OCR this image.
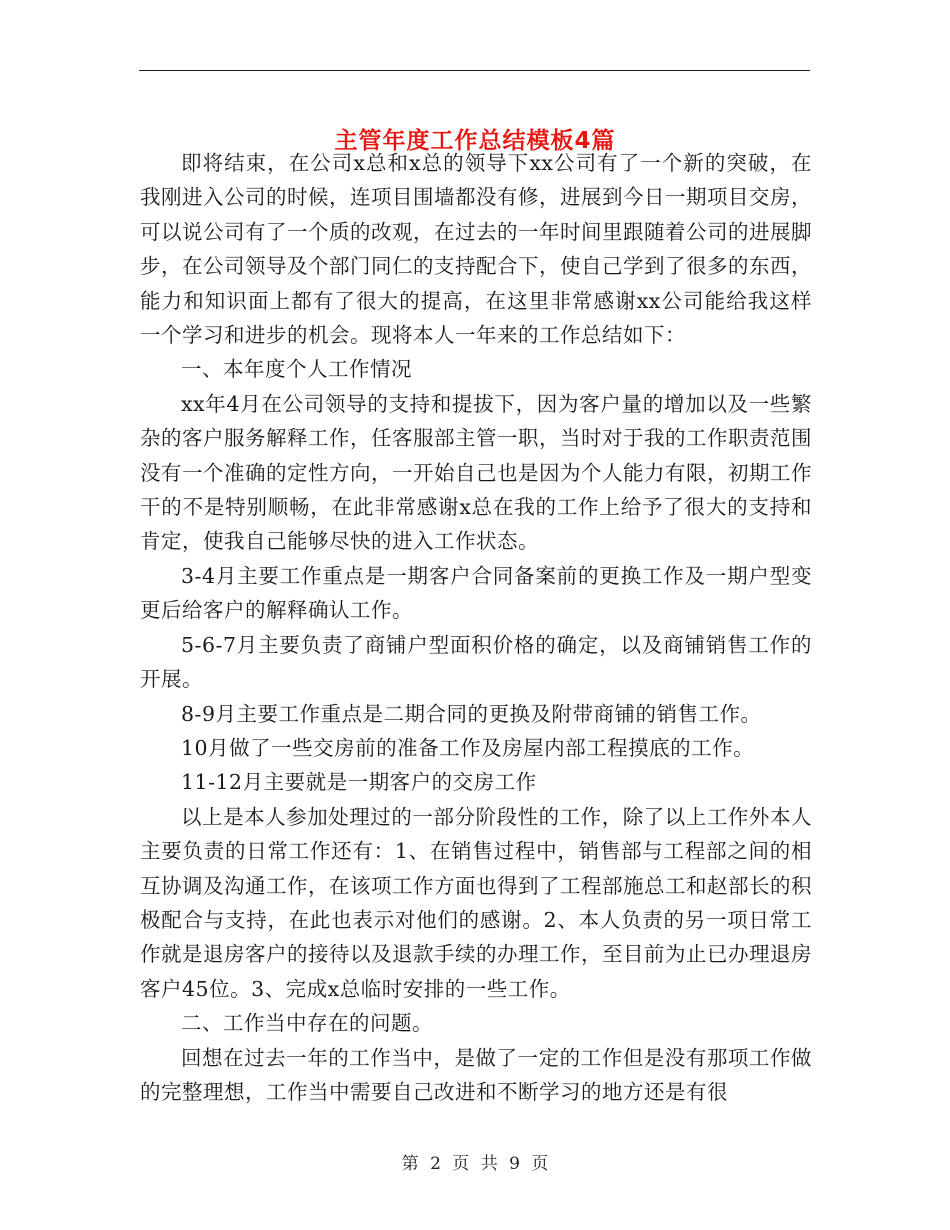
主管年度工作总结模板4篇

即将结束，在公司x总和x总的领导下xx公司有了一个新的突破，在我刚进入公司的时候，连项目围墙都没有修，进展到今日一期项目交房，可以说公司有了一个质的改观，在过去的一年时间里跟随着公司的进展脚步，在公司领导及个部门同仁的支持配合下，使自己学到了很多的东西，能力和知识面上都有了很大的提高，在这里非常感谢xx公司能给我这样一个学习和进步的机会。现将本人一年来的工作总结如下：

一、本年度个人工作情况

xx年4月在公司领导的支持和提拔下，因为客户量的增加以及一些繁杂的客户服务解释工作，任客服部主管一职，当时对于我的工作职责范围没有一个准确的定性方向，一开始自己也是因为个人能力有限，初期工作干的不是特别顺畅，在此非常感谢x总在我的工作上给予了很大的支持和肯定，使我自己能够尽快的进入工作状态。

3-4月主要工作重点是一期客户合同备案前的更换工作及一期户型变更后给客户的解释确认工作。

5-6-7月主要负责了商铺户型面积价格的确定，以及商铺销售工作的开展。

8-9月主要工作重点是二期合同的更换及附带商铺的销售工作。

10月做了一些交房前的准备工作及房屋内部工程摸底的工作。

11-12月主要就是一期客户的交房工作

以上是本人参加处理过的一部分阶段性的工作，除了以上工作外本人主要负责的日常工作还有：1、在销售过程中，销售部与工程部之间的相互协调及沟通工作，在该项工作方面也得到了工程部施总工和赵部长的积极配合与支持，在此也表示对他们的感谢。2、本人负责的另一项日常工作就是退房客户的接待以及退款手续的办理工作，至目前为止已办理退房客户45位。3、完成x总临时安排的一些工作。

二、工作当中存在的问题。

回想在过去一年的工作当中，是做了一定的工作但是没有那项工作做的完整理想，工作当中需要自己改进和不断学习的地方还是有很

第 2 页 共 9 页
